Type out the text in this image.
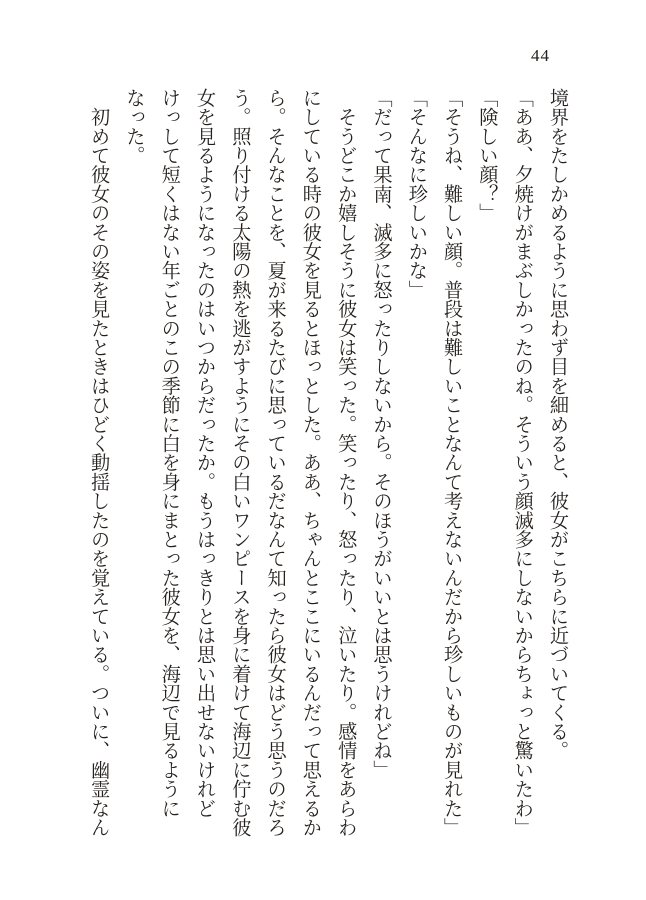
44

境界をたしかめるように思わず目を細めると、彼女がこちらに近づいてくる。

「ああ、夕焼けがまぶしかったのね。そういう顔滅多にしないからちょっと驚いたわ」

「険しい顔？」

「そうね、難しい顔。普段は難しいことなんて考えないんだから珍しいものが見れた」

「そんなに珍しいかな」

「だって果南、滅多に怒ったりしないから。そのほうがいいとは思うけれどね」

　そうどこか嬉しそうに彼女は笑った。笑ったり、怒ったり、泣いたり。感情をあらわ

にしている時の彼女を見るとほっとした。ああ、ちゃんとここにいるんだって思えるか

ら。そんなことを、夏が来るたびに思っているだなんて知ったら彼女はどう思うのだろ

う。照り付ける太陽の熱を逃がすようにその白いワンピースを身に着けて海辺に佇む彼

女を見るようになったのはいつからだったか。もうはっきりとは思い出せないけれど

けっして短くはない年ごとのこの季節に白を身にまとった彼女を、海辺で見るように

なった。

　初めて彼女のその姿を見たときはひどく動揺したのを覚えている。ついに、幽霊なん
